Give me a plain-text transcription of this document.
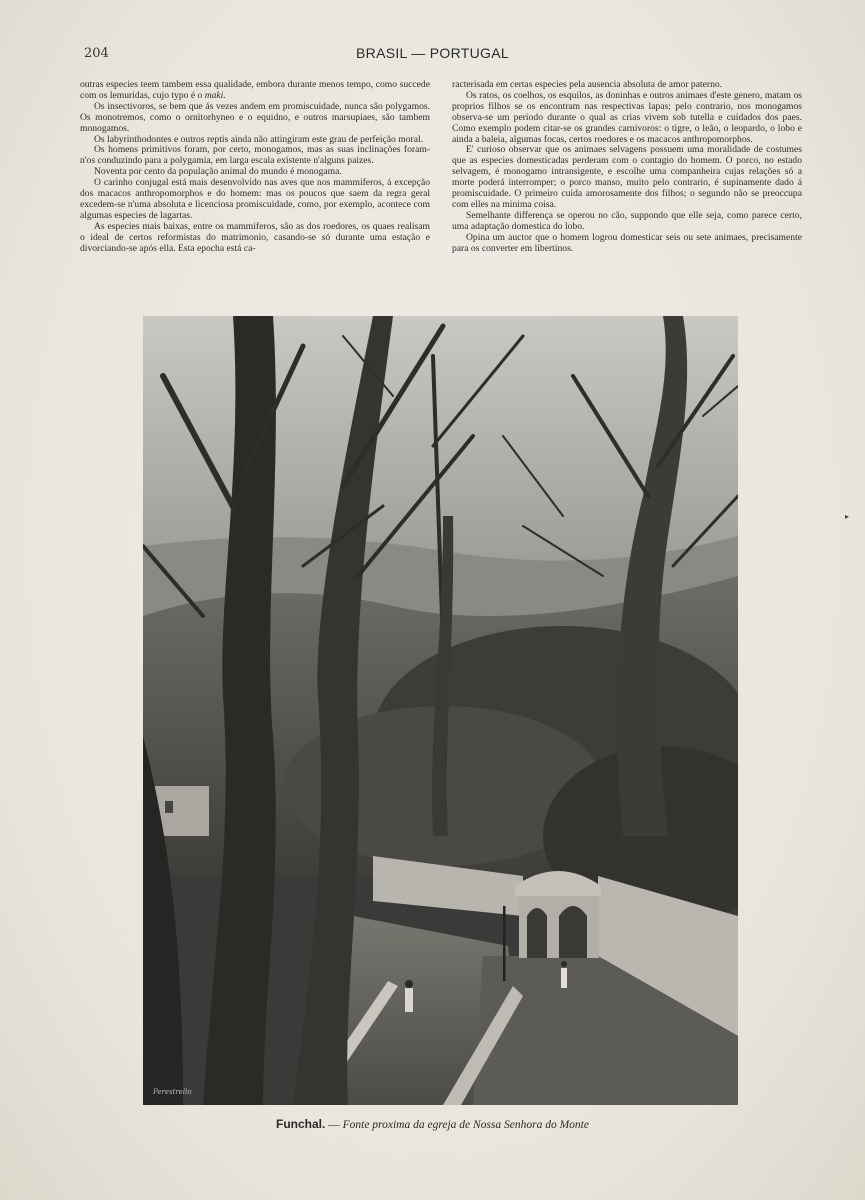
204	BRASIL — PORTUGAL

outras especies teem tambem essa qualidade, embora durante menos tempo, como succede com os lemuridas, cujo typo é o maki.

Os insectivoros, se bem que ás vezes andem em promiscuidade, nunca são polygamos. Os monotremos, como o ornitorhyneo e o equidno, e outros marsupiaes, são tambem monogamos.

Os labyrinthodontes e outros reptis ainda não attingiram este grau de perfeição moral.

Os homens primitivos foram, por certo, monogamos, mas as suas inclinações foram-n'os conduzindo para a polygamia, em larga escala existente n'alguns paizes.

Noventa por cento da população animal do mundo é monogama.

O carinho conjugal está mais desenvolvido nas aves que nos mammiferos, á excepção dos macacos anthropomorphos e do homem: mas os poucos que saem da regra geral excedem-se n'uma absoluta e licenciosa promiscuidade, como, por exemplo, acontece com algumas especies de lagartas.

As especies mais baixas, entre os mammiferos, são as dos roedores, os quaes realisam o ideal de certos reformistas do matrimonio, casando-se só durante uma estação e divorciando-se após ella. Esta epocha está ca-

racterisada em certas especies pela ausencia absoluta de amor paterno.

Os ratos, os coelhos, os esquilos, as doninhas e outros animaes d'este genero, matam os proprios filhos se os encontram nas respectivas lapas; pelo contrario, nos monogamos observa-se um periodo durante o qual as crias vivem sob tutella e cuidados dos paes. Como exemplo podem citar-se os grandes carnivoros: o tigre, o leão, o leopardo, o lobo e ainda a baleia, algumas focas, certos roedores e os macacos anthropomorphos.

E' curioso observar que os animaes selvagens possuem uma moralidade de costumes que as especies domesticadas perderam com o contagio do homem. O porco, no estado selvagem, é monogamo intransigente, e escolhe uma companheira cujas relações só a morte poderá interromper; o porco manso, muito pelo contrario, é supinamente dado á promiscuidade. O primeiro cuida amorosamente dos filhos; o segundo não se preoccupa com elles na minima coisa.

Semelhante differença se operou no cão, suppondo que elle seja, como parece certo, uma adaptação domestica do lobo.

Opina um auctor que o homem logrou domesticar seis ou sete animaes, precisamente para os converter em libertinos.

Perestrello
Funchal. — Fonte proxima da egreja de Nossa Senhora do Monte
▸
